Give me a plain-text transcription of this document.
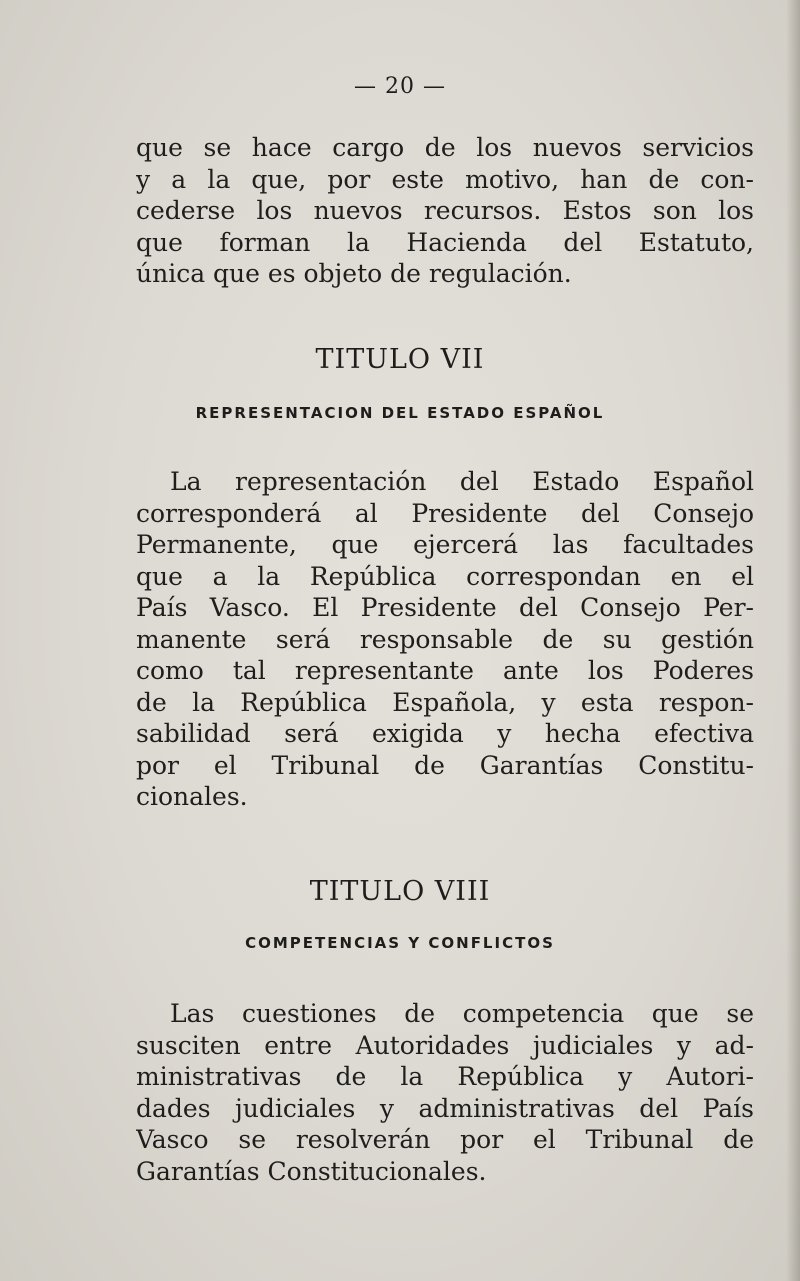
— 20 —
que se hace cargo de los nuevos servicios
y a la que, por este motivo, han de con-
cederse los nuevos recursos. Estos son los
que forman la Hacienda del Estatuto,
única que es objeto de regulación.
TITULO VII
REPRESENTACION DEL ESTADO ESPAÑOL
La representación del Estado Español
corresponderá al Presidente del Consejo
Permanente, que ejercerá las facultades
que a la República correspondan en el
País Vasco. El Presidente del Consejo Per-
manente será responsable de su gestión
como tal representante ante los Poderes
de la República Española, y esta respon-
sabilidad será exigida y hecha efectiva
por el Tribunal de Garantías Constitu-
cionales.
TITULO VIII
COMPETENCIAS Y CONFLICTOS
Las cuestiones de competencia que se
susciten entre Autoridades judiciales y ad-
ministrativas de la República y Autori-
dades judiciales y administrativas del País
Vasco se resolverán por el Tribunal de
Garantías Constitucionales.
